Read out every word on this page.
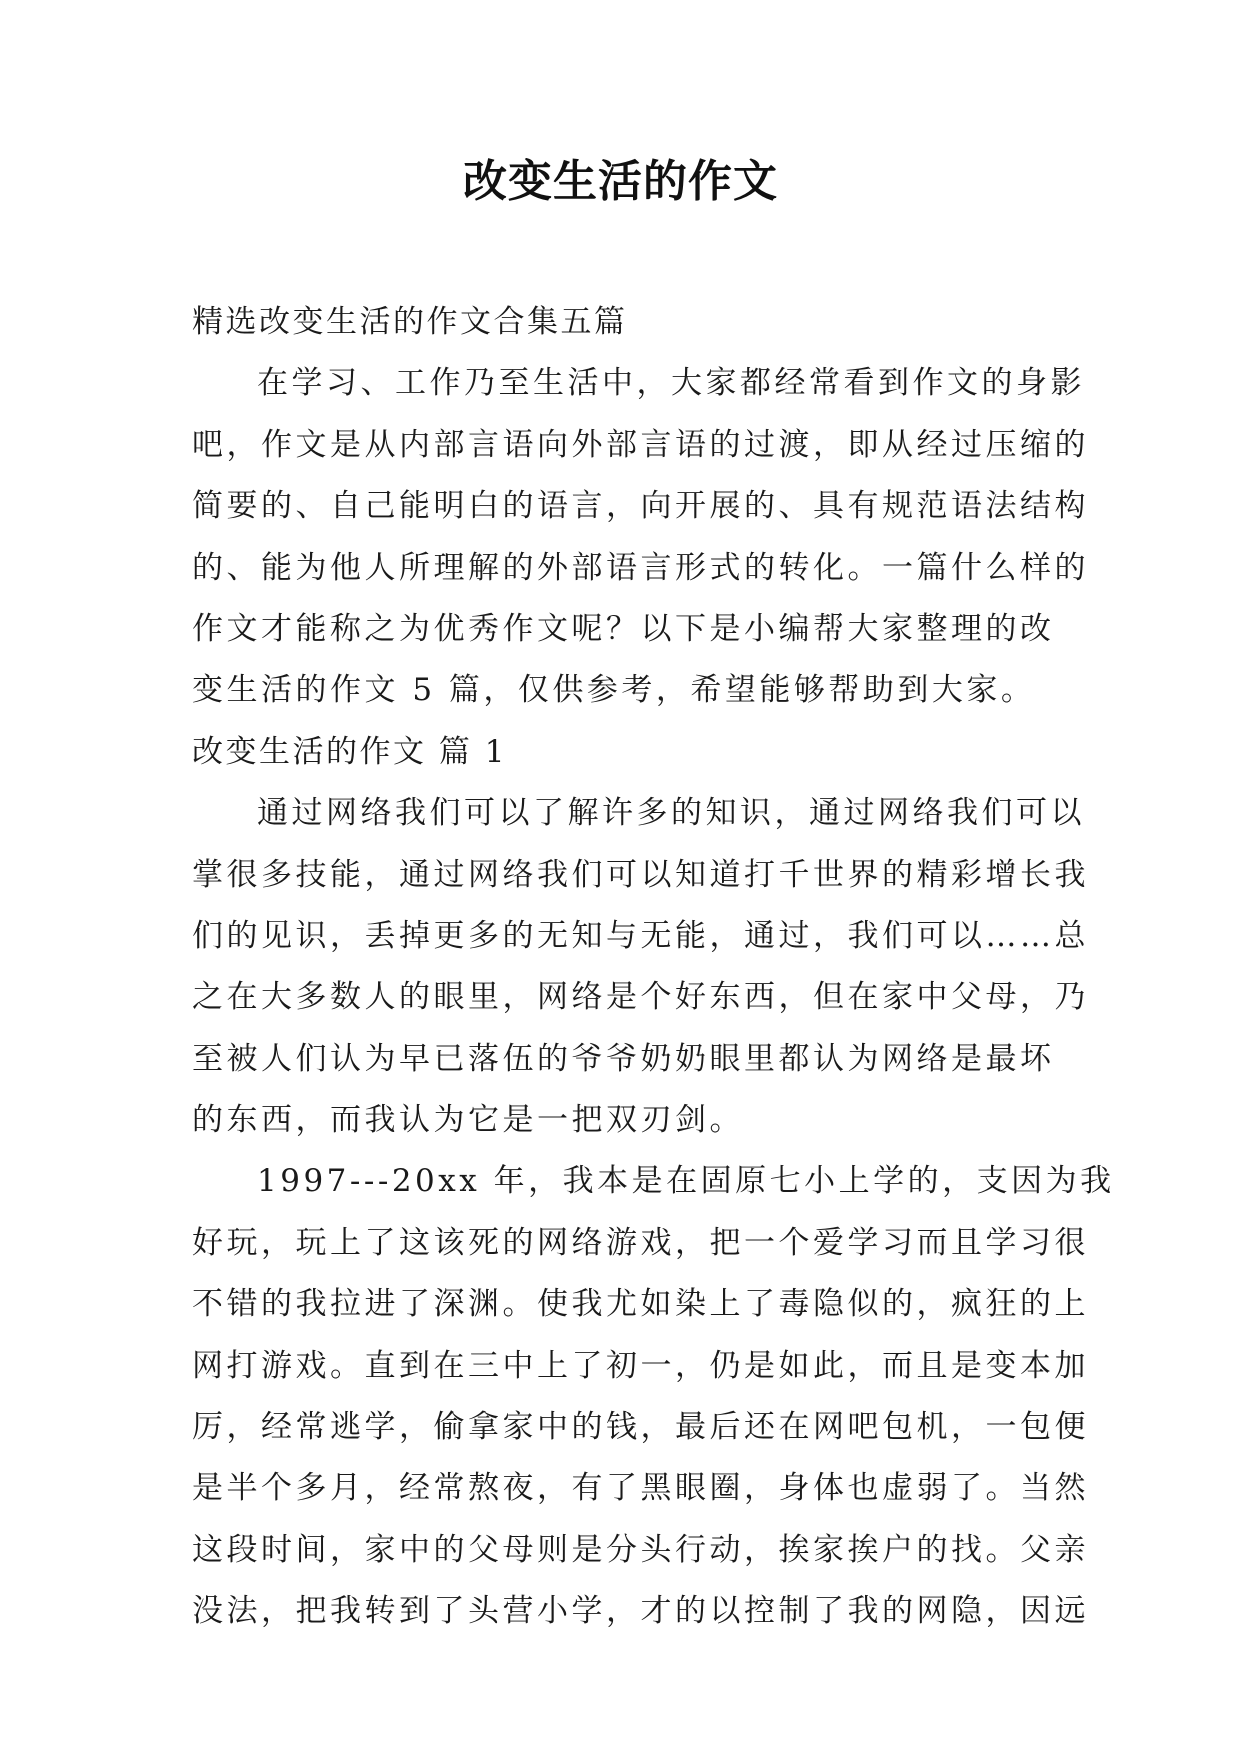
改变生活的作文
精选改变生活的作文合集五篇
在学习、工作乃至生活中，大家都经常看到作文的身影
吧，作文是从内部言语向外部言语的过渡，即从经过压缩的
简要的、自己能明白的语言，向开展的、具有规范语法结构
的、能为他人所理解的外部语言形式的转化。一篇什么样的
作文才能称之为优秀作文呢？以下是小编帮大家整理的改
变生活的作文 5 篇，仅供参考，希望能够帮助到大家。
改变生活的作文 篇 1
通过网络我们可以了解许多的知识，通过网络我们可以
掌很多技能，通过网络我们可以知道打千世界的精彩增长我
们的见识，丢掉更多的无知与无能，通过，我们可以……总
之在大多数人的眼里，网络是个好东西，但在家中父母，乃
至被人们认为早已落伍的爷爷奶奶眼里都认为网络是最坏
的东西，而我认为它是一把双刃剑。
1997---20xx 年，我本是在固原七小上学的，支因为我
好玩，玩上了这该死的网络游戏，把一个爱学习而且学习很
不错的我拉进了深渊。使我尤如染上了毒隐似的，疯狂的上
网打游戏。直到在三中上了初一，仍是如此，而且是变本加
厉，经常逃学，偷拿家中的钱，最后还在网吧包机，一包便
是半个多月，经常熬夜，有了黑眼圈，身体也虚弱了。当然
这段时间，家中的父母则是分头行动，挨家挨户的找。父亲
没法，把我转到了头营小学，才的以控制了我的网隐，因远
